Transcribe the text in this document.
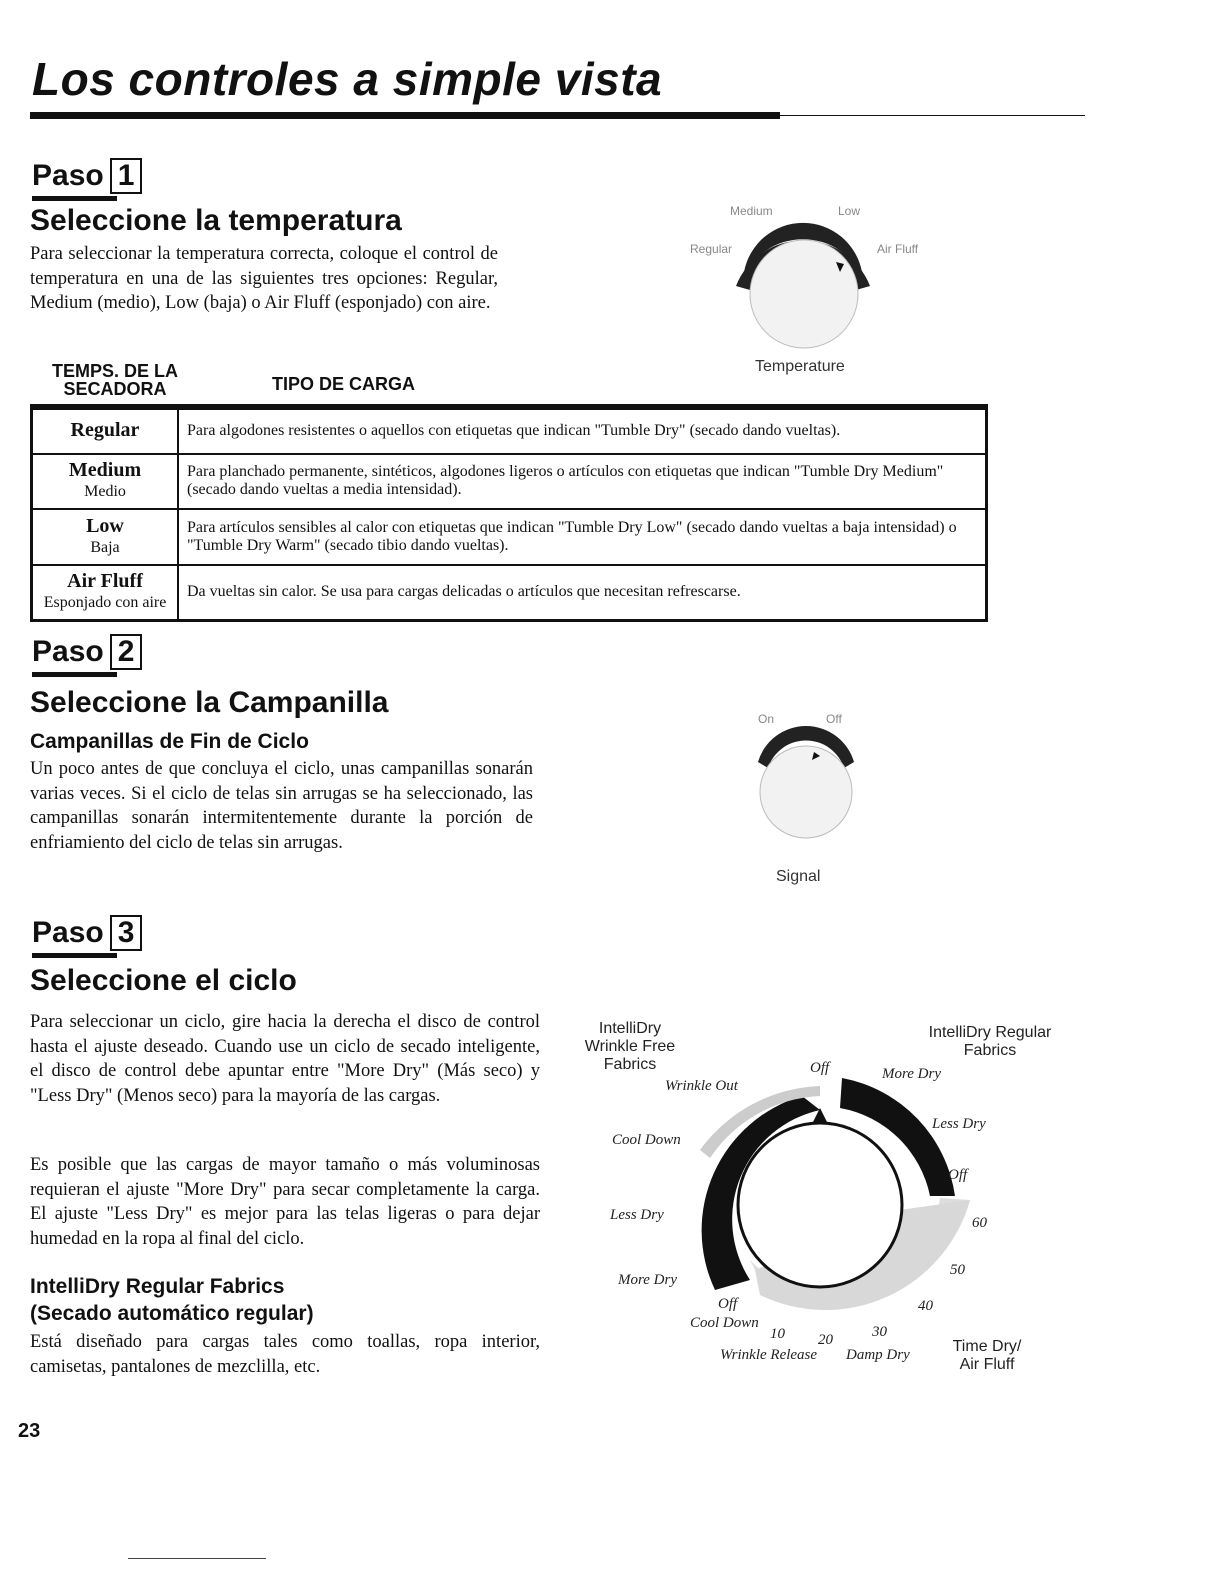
Los controles a simple vista
Paso 1
Seleccione la temperatura
Para seleccionar la temperatura correcta, coloque el control de temperatura en una de las siguientes tres opciones: Regular, Medium (medio), Low (baja) o Air Fluff (esponjado) con aire.
Medium	Low
Regular	Air Fluff
Temperature
TEMPS. DE LA SECADORA	TIPO DE CARGA
Regular	Para algodones resistentes o aquellos con etiquetas que indican "Tumble Dry" (secado dando vueltas).
Medium
Medio	Para planchado permanente, sintéticos, algodones ligeros o artículos con etiquetas que indican "Tumble Dry Medium" (secado dando vueltas a media intensidad).
Low
Baja	Para artículos sensibles al calor con etiquetas que indican "Tumble Dry Low" (secado dando vueltas a baja intensidad) o "Tumble Dry Warm" (secado tibio dando vueltas).
Air Fluff
Esponjado con aire	Da vueltas sin calor. Se usa para cargas delicadas o artículos que necesitan refrescarse.
Paso 2
Seleccione la Campanilla
Campanillas de Fin de Ciclo
Un poco antes de que concluya el ciclo, unas campanillas sonarán varias veces. Si el ciclo de telas sin arrugas se ha seleccionado, las campanillas sonarán intermitentemente durante la porción de enfriamiento del ciclo de telas sin arrugas.
On	Off
Signal
Paso 3
Seleccione el ciclo
Para seleccionar un ciclo, gire hacia la derecha el disco de control hasta el ajuste deseado. Cuando use un ciclo de secado inteligente, el disco de control debe apuntar entre "More Dry" (Más seco) y "Less Dry" (Menos seco) para la mayoría de las cargas.
Es posible que las cargas de mayor tamaño o más voluminosas requieran el ajuste "More Dry" para secar completamente la carga. El ajuste "Less Dry" es mejor para las telas ligeras o para dejar humedad en la ropa al final del ciclo.
IntelliDry Regular Fabrics
(Secado automático regular)
Está diseñado para cargas tales como toallas, ropa interior, camisetas, pantalones de mezclilla, etc.
IntelliDry Wrinkle Free Fabrics
IntelliDry Regular Fabrics
Time Dry/ Air Fluff
Off
Wrinkle Out
Cool Down
Less Dry
More Dry
More Dry
Less Dry
Off
60
50
40
30
20
10
Off
Cool Down
Wrinkle Release Damp Dry
23
